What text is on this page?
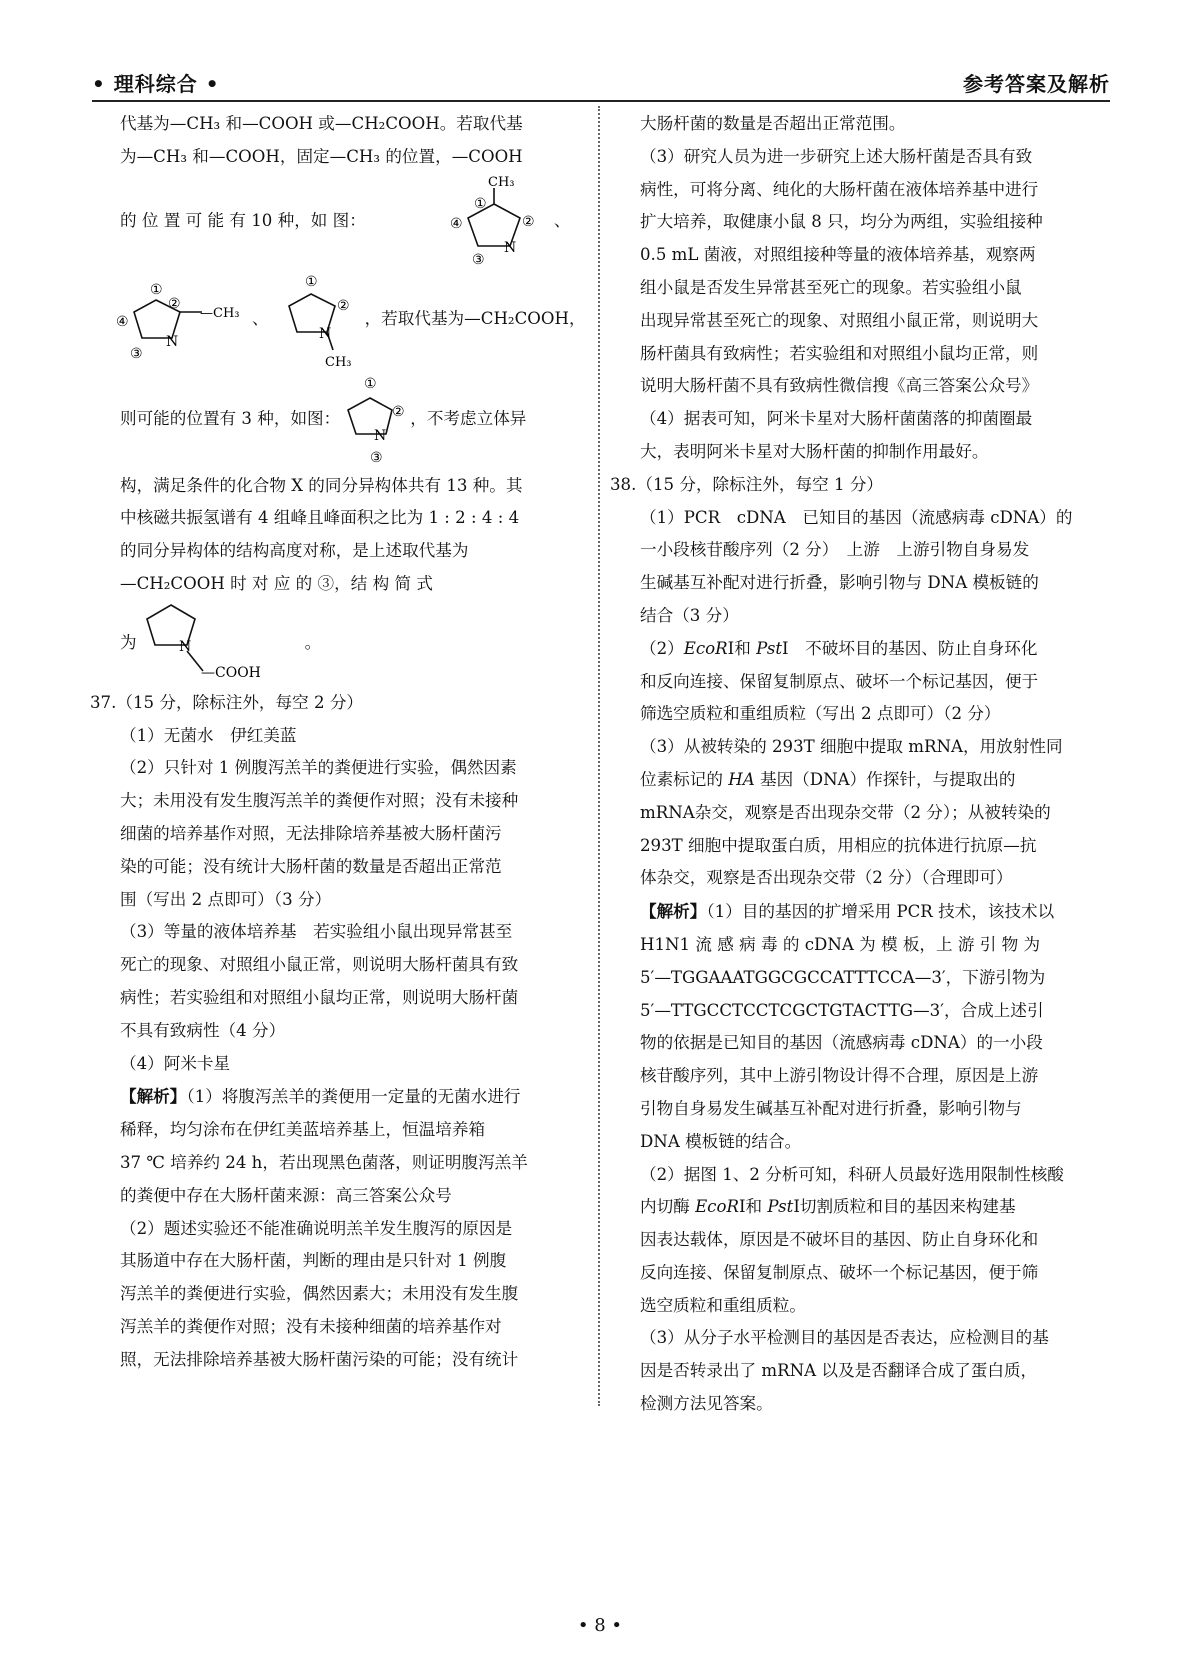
• 理科综合 •	参考答案及解析

代基为—CH₃ 和—COOH 或—CH₂COOH。若取代基

为—CH₃ 和—COOH，固定—CH₃ 的位置，—COOH

的 位 置 可 能 有 10 种，如 图：
CH₃
①
②
④
③
N
、
—CH₃
①
②
④
③
N
、
CH₃
①
②
N
，若取代基为—CH₂COOH，
则可能的位置有 3 种，如图：
①
②
N
③
，不考虑立体异

构，满足条件的化合物 X 的同分异构体共有 13 种。其

中核磁共振氢谱有 4 组峰且峰面积之比为 1 : 2 : 4 : 4

的同分异构体的结构高度对称，是上述取代基为

—CH₂COOH 时 对 应 的 ③，结 构 简 式

为	N
—COOH
。

37.（15 分，除标注外，每空 2 分）

（1）无菌水　伊红美蓝

（2）只针对 1 例腹泻羔羊的粪便进行实验，偶然因素

大；未用没有发生腹泻羔羊的粪便作对照；没有未接种

细菌的培养基作对照，无法排除培养基被大肠杆菌污

染的可能；没有统计大肠杆菌的数量是否超出正常范

围（写出 2 点即可）（3 分）

（3）等量的液体培养基　若实验组小鼠出现异常甚至

死亡的现象、对照组小鼠正常，则说明大肠杆菌具有致

病性；若实验组和对照组小鼠均正常，则说明大肠杆菌

不具有致病性（4 分）

（4）阿米卡星

【解析】（1）将腹泻羔羊的粪便用一定量的无菌水进行

稀释，均匀涂布在伊红美蓝培养基上，恒温培养箱

37 ℃ 培养约 24 h，若出现黑色菌落，则证明腹泻羔羊

的粪便中存在大肠杆菌来源：高三答案公众号

（2）题述实验还不能准确说明羔羊发生腹泻的原因是

其肠道中存在大肠杆菌，判断的理由是只针对 1 例腹

泻羔羊的粪便进行实验，偶然因素大；未用没有发生腹

泻羔羊的粪便作对照；没有未接种细菌的培养基作对

照，无法排除培养基被大肠杆菌污染的可能；没有统计

大肠杆菌的数量是否超出正常范围。

（3）研究人员为进一步研究上述大肠杆菌是否具有致

病性，可将分离、纯化的大肠杆菌在液体培养基中进行

扩大培养，取健康小鼠 8 只，均分为两组，实验组接种

0.5 mL 菌液，对照组接种等量的液体培养基，观察两

组小鼠是否发生异常甚至死亡的现象。若实验组小鼠

出现异常甚至死亡的现象、对照组小鼠正常，则说明大

肠杆菌具有致病性；若实验组和对照组小鼠均正常，则

说明大肠杆菌不具有致病性微信搜《高三答案公众号》

（4）据表可知，阿米卡星对大肠杆菌菌落的抑菌圈最

大，表明阿米卡星对大肠杆菌的抑制作用最好。

38.（15 分，除标注外，每空 1 分）

（1）PCR　cDNA　已知目的基因（流感病毒 cDNA）的

一小段核苷酸序列（2 分）　上游　上游引物自身易发

生碱基互补配对进行折叠，影响引物与 DNA 模板链的

结合（3 分）

（2）EcoRⅠ和 PstⅠ　不破坏目的基因、防止自身环化

和反向连接、保留复制原点、破坏一个标记基因，便于

筛选空质粒和重组质粒（写出 2 点即可）（2 分）

（3）从被转染的 293T 细胞中提取 mRNA，用放射性同

位素标记的 HA 基因（DNA）作探针，与提取出的

mRNA杂交，观察是否出现杂交带（2 分）；从被转染的

293T 细胞中提取蛋白质，用相应的抗体进行抗原—抗

体杂交，观察是否出现杂交带（2 分）（合理即可）

【解析】（1）目的基因的扩增采用 PCR 技术，该技术以

H1N1 流 感 病 毒 的 cDNA 为 模 板，上 游 引 物 为

5′—TGGAAATGGCGCCATTTCCA—3′，下游引物为

5′—TTGCCTCCTCGCTGTACTTG—3′，合成上述引

物的依据是已知目的基因（流感病毒 cDNA）的一小段

核苷酸序列，其中上游引物设计得不合理，原因是上游

引物自身易发生碱基互补配对进行折叠，影响引物与

DNA 模板链的结合。

（2）据图 1、2 分析可知，科研人员最好选用限制性核酸

内切酶 EcoRⅠ和 PstⅠ切割质粒和目的基因来构建基

因表达载体，原因是不破坏目的基因、防止自身环化和

反向连接、保留复制原点、破坏一个标记基因，便于筛

选空质粒和重组质粒。

（3）从分子水平检测目的基因是否表达，应检测目的基

因是否转录出了 mRNA 以及是否翻译合成了蛋白质，

检测方法见答案。

• 8 •
